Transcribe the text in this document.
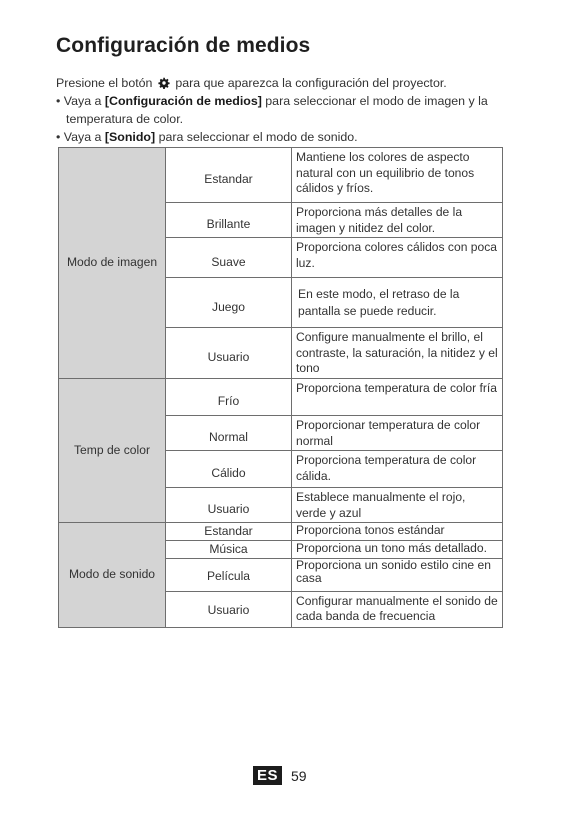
Configuración de medios

Presione el botón para que aparezca la configuración del proyector.

• Vaya a [Configuración de medios] para seleccionar el modo de imagen y la temperatura de color.

• Vaya a [Sonido] para seleccionar el modo de sonido.

Modo de imagen	Estandar	Mantiene los colores de aspecto natural con un equilibrio de tonos cálidos y fríos.

	Brillante	Proporciona más detalles de la imagen y nitidez del color.

	Suave	Proporciona colores cálidos con poca luz.

	Juego	En este modo, el retraso de la pantalla se puede reducir.

	Usuario	Configure manualmente el brillo, el contraste, la saturación, la nitidez y el tono

Temp de color	Frío	Proporciona temperatura de color fría

	Normal	Proporcionar temperatura de color normal

	Cálido	Proporciona temperatura de color cálida.

	Usuario	Establece manualmente el rojo, verde y azul

Modo de sonido	Estandar	Proporciona tonos estándar

	Música	Proporciona un tono más detallado.

	Película	Proporciona un sonido estilo cine en casa

	Usuario	Configurar manualmente el sonido de cada banda de frecuencia
ES 59
